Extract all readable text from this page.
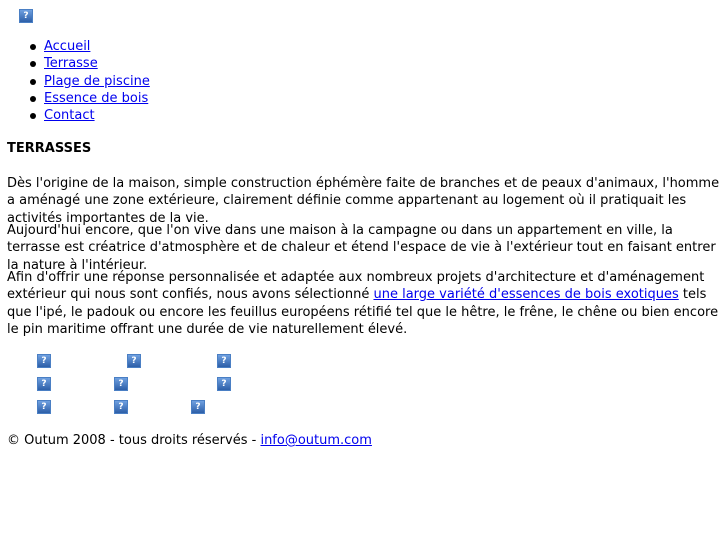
?
Accueil
Terrasse
Plage de piscine
Essence de bois
Contact
TERRASSES

Dès l'origine de la maison, simple construction éphémère faite de branches et de peaux d'animaux, l'homme a aménagé une zone extérieure, clairement définie comme appartenant au logement où il pratiquait les activités importantes de la vie.

Aujourd'hui encore, que l'on vive dans une maison à la campagne ou dans un appartement en ville, la terrasse est créatrice d'atmosphère et de chaleur et étend l'espace de vie à l'extérieur tout en faisant entrer la nature à l'intérieur.

Afin d'offrir une réponse personnalisée et adaptée aux nombreux projets d'architecture et d'aménagement extérieur qui nous sont confiés, nous avons sélectionné une large variété d'essences de bois exotiques tels que l'ipé, le padouk ou encore les feuillus européens rétifié tel que le hêtre, le frêne, le chêne ou bien encore le pin maritime offrant une durée de vie naturellement élevé.

?	?	?
?	?	?
?	?	?
© Outum 2008 - tous droits réservés - info@outum.com
